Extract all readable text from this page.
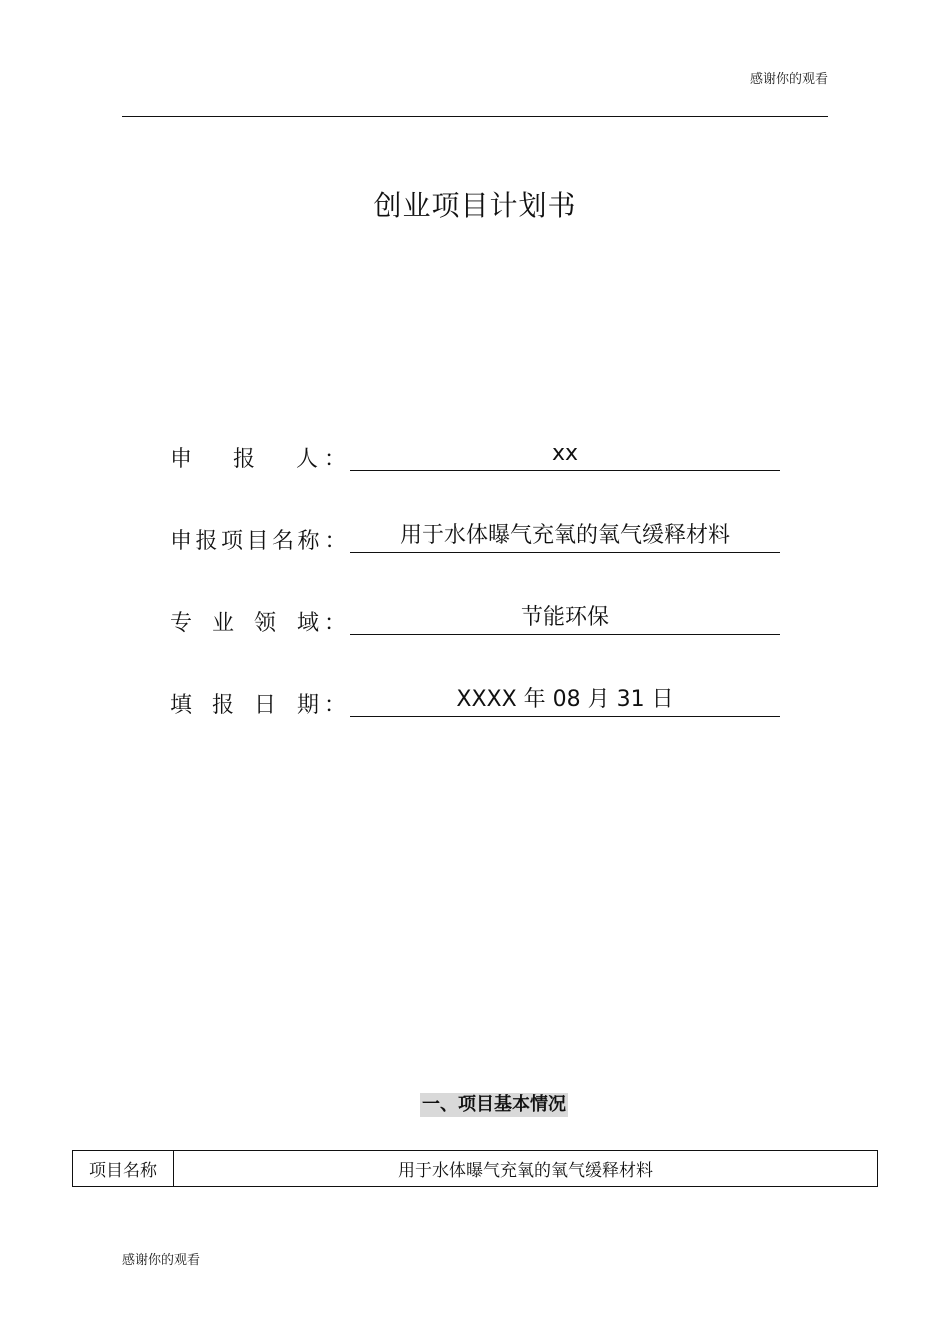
感谢你的观看
创业项目计划书
申 报 人 ：	xx
申 报 项 目 名 称 ：	用于水体曝气充氧的氧气缓释材料
专 业 领 域 ：	节能环保
填 报 日 期 ：	XXXX 年 08 月 31 日
一、项目基本情况
项目名称	用于水体曝气充氧的氧气缓释材料
感谢你的观看
